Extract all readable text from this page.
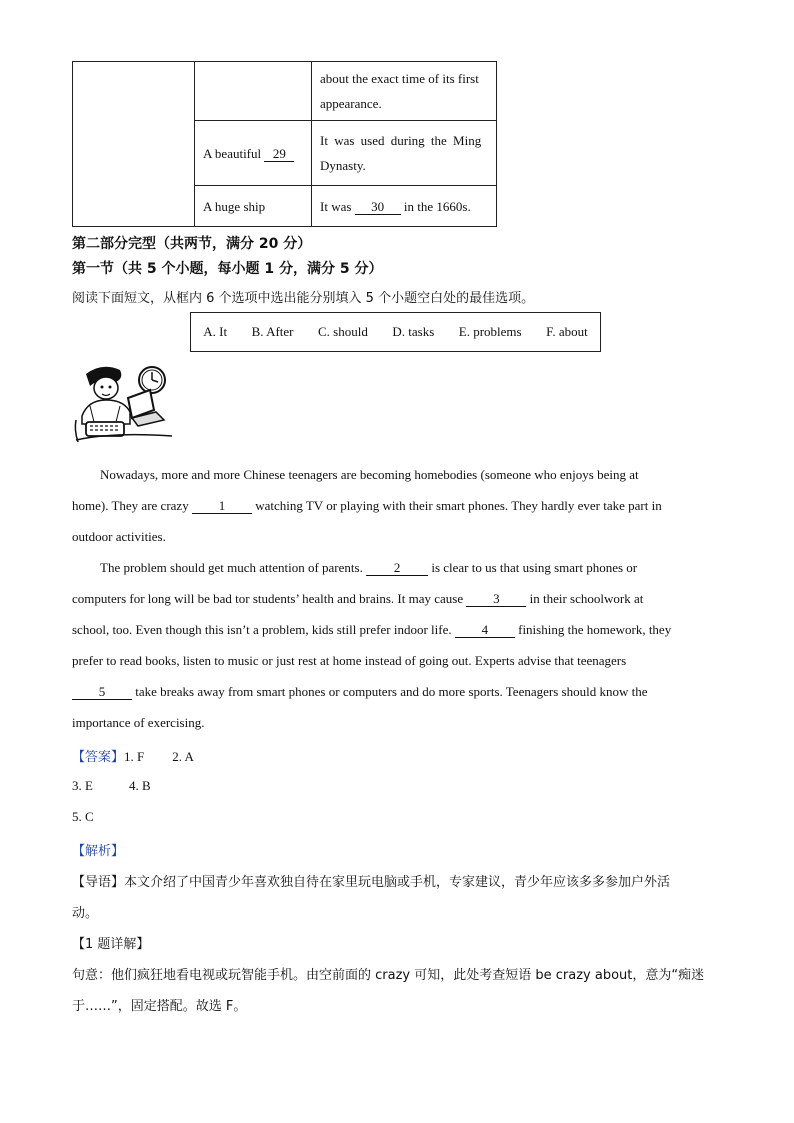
		about the exact time of its first
appearance.

	A beautiful 29	It was used during the Ming
Dynasty.

	A huge ship	It was 30 in the 1660s.
第二部分完型（共两节，满分 20 分）
第一节（共 5 个小题，每小题 1 分，满分 5 分）
阅读下面短文，从框内 6 个选项中选出能分别填入 5 个小题空白处的最佳选项。
A. It B. After C. should D. tasks E. problems F. about
Nowadays, more and more Chinese teenagers are becoming homebodies (someone who enjoys being at
home). They are crazy 1 watching TV or playing with their smart phones. They hardly ever take part in
outdoor activities.
The problem should get much attention of parents. 2 is clear to us that using smart phones or
computers for long will be bad tor students’ health and brains. It may cause 3 in their schoolwork at
school, too. Even though this isn’t a problem, kids still prefer indoor life. 4 finishing the homework, they
prefer to read books, listen to music or just rest at home instead of going out. Experts advise that teenagers
5 take breaks away from smart phones or computers and do more sports. Teenagers should know the
importance of exercising.
【答案】1. F 2. A
3. E	4. B
5. C
【解析】
【导语】本文介绍了中国青少年喜欢独自待在家里玩电脑或手机，专家建议，青少年应该多多参加户外活
动。
【1 题详解】
句意：他们疯狂地看电视或玩智能手机。由空前面的 crazy 可知，此处考查短语 be crazy about，意为“痴迷
于……”，固定搭配。故选 F。
